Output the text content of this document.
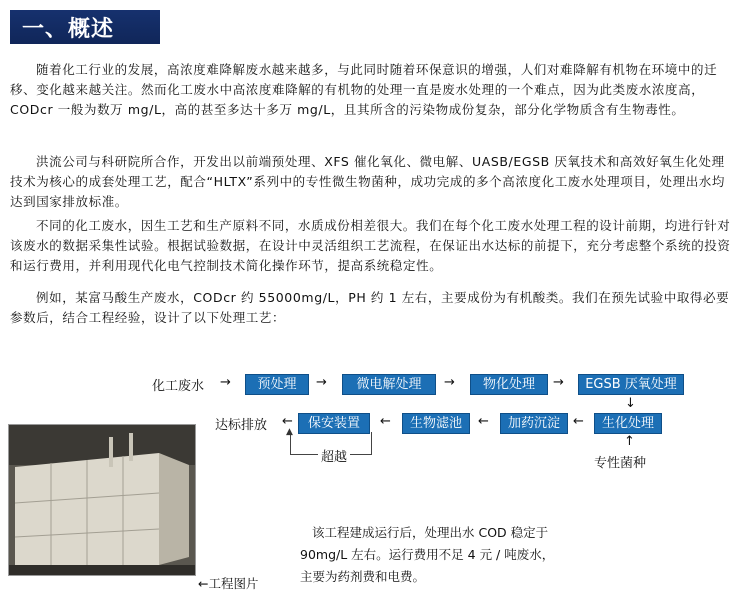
一、概述

随着化工行业的发展，高浓度难降解废水越来越多，与此同时随着环保意识的增强，人们对难降解有机物在环境中的迁移、变化越来越关注。然而化工废水中高浓度难降解的有机物的处理一直是废水处理的一个难点，因为此类废水浓度高，CODcr 一般为数万 mg/L，高的甚至多达十多万 mg/L，且其所含的污染物成份复杂，部分化学物质含有生物毒性。

洪流公司与科研院所合作，开发出以前端预处理、XFS 催化氧化、微电解、UASB/EGSB 厌氧技术和高效好氧生化处理技术为核心的成套处理工艺，配合“HLTX”系列中的专性微生物菌种，成功完成的多个高浓度化工废水处理项目，处理出水均达到国家排放标准。

不同的化工废水，因生工艺和生产原料不同，水质成份相差很大。我们在每个化工废水处理工程的设计前期，均进行针对该废水的数据采集性试验。根据试验数据，在设计中灵活组织工艺流程，在保证出水达标的前提下，充分考虑整个系统的投资和运行费用，并利用现代化电气控制技术简化操作环节，提高系统稳定性。

例如，某富马酸生产废水，CODcr 约 55000mg/L，PH 约 1 左右，主要成份为有机酸类。我们在预先试验中取得必要参数后，结合工程经验，设计了以下处理工艺：

化工废水 →	预处理	→	微电解处理	→	物化处理	→	EGSB 厌氧处理
↓
达标排放 ←	保安装置	←	生物滤池	←	加药沉淀	←	生化处理
↑
专性菌种
▲
超越
←工程图片
该工程建成运行后，处理出水 COD 稳定于
90mg/L 左右。运行费用不足 4 元 / 吨废水，
主要为药剂费和电费。
